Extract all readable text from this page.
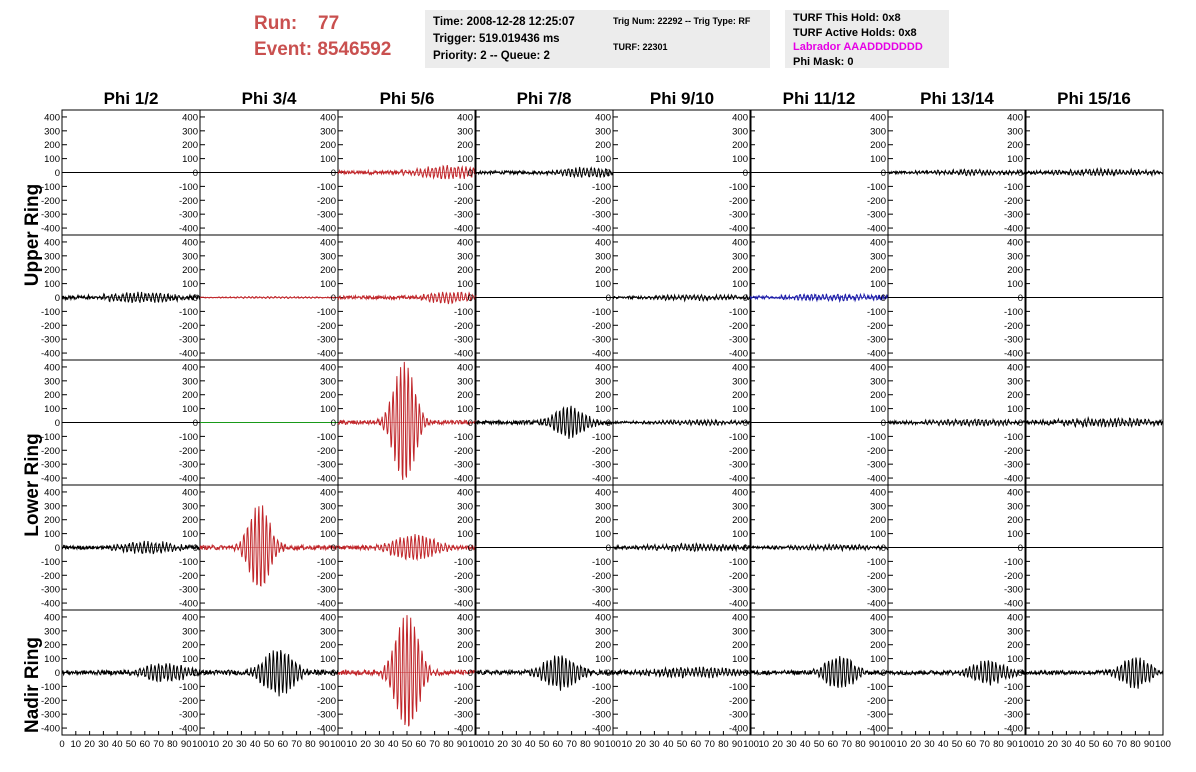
Run: 77
Event: 8546592
Time: 2008-12-28 12:25:07
Trigger: 519.019436 ms
Priority: 2 -- Queue: 2
Trig Num: 22292 -- Trig Type: RF
TURF: 22301
TURF This Hold: 0x8
TURF Active Holds: 0x8
Labrador AAADDDDDDD
Phi Mask: 0
Phi 1/2	Phi 3/4	Phi 5/6	Phi 7/8	Phi 9/10	Phi 11/12	Phi 13/14	Phi 15/16
Upper Ring
Lower Ring
Nadir Ring
400
300
200
100
0
-100
-200
-300
-400
400
300
200
100
0
-100
-200
-300
-400
400
300
200
100
0
-100
-200
-300
-400
400
300
200
100
0
-100
-200
-300
-400
400
300
200
100
0
-100
-200
-300
-400
400
300
200
100
0
-100
-200
-300
-400
400
300
200
100
0
-100
-200
-300
-400
400
300
200
100
0
-100
-200
-300
-400
400
300
200
100
0
-100
-200
-300
-400
400
300
200
100
0
-100
-200
-300
-400
400
300
200
100
0
-100
-200
-300
-400
400
300
200
100
0
-100
-200
-300
-400
400
300
200
100
0
-100
-200
-300
-400
400
300
200
100
0
-100
-200
-300
-400
400
300
200
100
0
-100
-200
-300
-400
400
300
200
100
0
-100
-200
-300
-400
400
300
200
100
0
-100
-200
-300
-400
400
300
200
100
0
-100
-200
-300
-400
400
300
200
100
0
-100
-200
-300
-400
400
300
200
100
0
-100
-200
-300
-400
400
300
200
100
0
-100
-200
-300
-400
400
300
200
100
0
-100
-200
-300
-400
400
300
200
100
0
-100
-200
-300
-400
400
300
200
100
0
-100
-200
-300
-400
400
300
200
100
0
-100
-200
-300
-400
400
300
200
100
0
-100
-200
-300
-400
400
300
200
100
0
-100
-200
-300
-400
400
300
200
100
0
-100
-200
-300
-400
400
300
200
100
0
-100
-200
-300
-400
400
300
200
100
0
-100
-200
-300
-400
400
300
200
100
0
-100
-200
-300
-400
400
300
200
100
0
-100
-200
-300
-400
400
300
200
100
0
-100
-200
-300
-400
400
300
200
100
0
-100
-200
-300
-400
400
300
200
100
0
-100
-200
-300
-400
400
300
200
100
0
-100
-200
-300
-400
400
300
200
100
0
-100
-200
-300
-400
400
300
200
100
0
-100
-200
-300
-400
400
300
200
100
0
-100
-200
-300
-400
400
300
200
100
0
-100
-200
-300
-400
0 10 20 30 40 50 60 70 80 90 100 10 20 30 40 50 60 70 80 90 100 10 20 30 40 50 60 70 80 90 100 10 20 30 40 50 60 70 80 90 100 10 20 30 40 50 60 70 80 90 100 10 20 30 40 50 60 70 80 90 100 10 20 30 40 50 60 70 80 90 100 10 20 30 40 50 60 70 80 90 100
